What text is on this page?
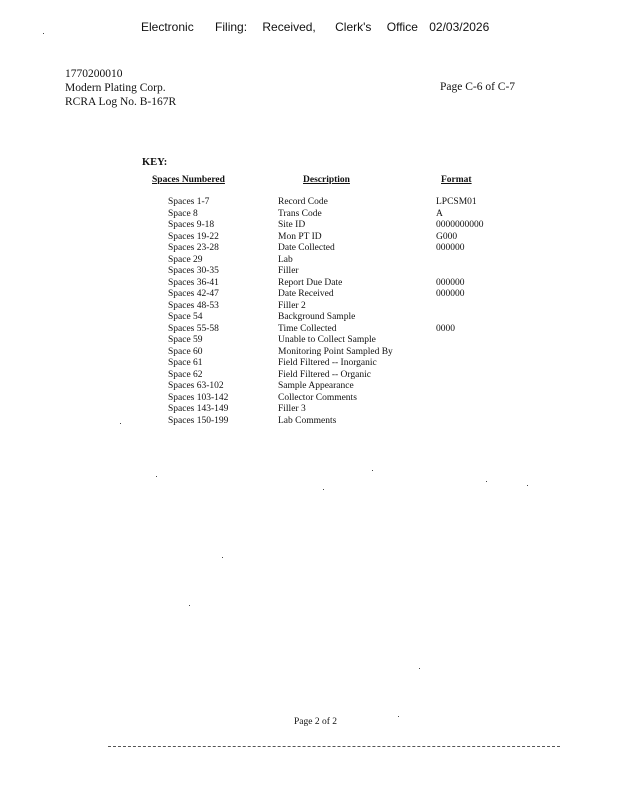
Electronic Filing: Received, Clerk's Office 02/03/2026
1770200010
Modern Plating Corp.
RCRA Log No. B-167R
Page C-6 of C-7
KEY:
Spaces Numbered	Description	Format
Spaces 1-7	Record Code	LPCSM01
Space 8	Trans Code	A
Spaces 9-18	Site ID	0000000000
Spaces 19-22	Mon PT ID	G000
Spaces 23-28	Date Collected	000000
Space 29	Lab	
Spaces 30-35	Filler	
Spaces 36-41	Report Due Date	000000
Spaces 42-47	Date Received	000000
Spaces 48-53	Filler 2	
Space 54	Background Sample	
Spaces 55-58	Time Collected	0000
Space 59	Unable to Collect Sample	
Space 60	Monitoring Point Sampled By	
Space 61	Field Filtered -- Inorganic	
Space 62	Field Filtered -- Organic	
Spaces 63-102	Sample Appearance	
Spaces 103-142	Collector Comments	
Spaces 143-149	Filler 3	
Spaces 150-199	Lab Comments	
Page 2 of 2
